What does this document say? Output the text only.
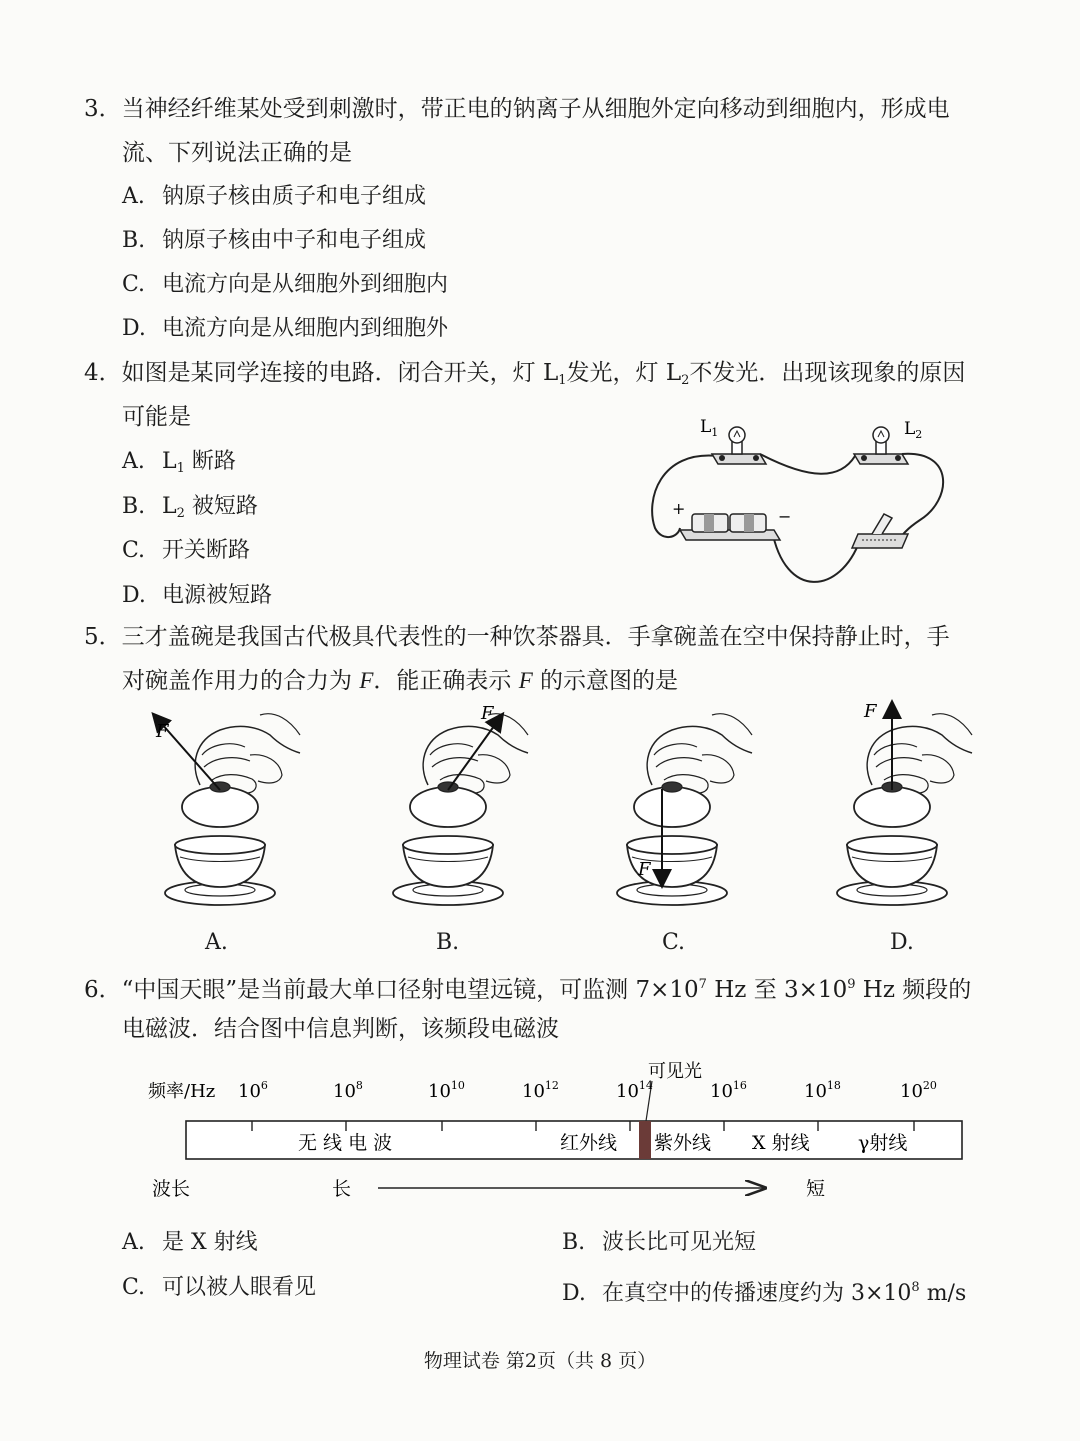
3．当神经纤维某处受到刺激时，带正电的钠离子从细胞外定向移动到细胞内，形成电
流、下列说法正确的是
A. 钠原子核由质子和电子组成
B. 钠原子核由中子和电子组成
C. 电流方向是从细胞外到细胞内
D. 电流方向是从细胞内到细胞外
4．如图是某同学连接的电路．闭合开关，灯 L1发光，灯 L2不发光．出现该现象的原因
可能是
A. L1 断路
B. L2 被短路
C. 开关断路
D. 电源被短路
$L_1$	$L_2$
+	−
5．三才盖碗是我国古代极具代表性的一种饮茶器具．手拿碗盖在空中保持静止时，手
对碗盖作用力的合力为 F．能正确表示 F 的示意图的是
F
F
F
F
A.	B.	C.	D.
6．“中国天眼”是当前最大单口径射电望远镜，可监测 $7\times 10^7$ Hz 至 $3\times 10^9$ Hz 频段的
电磁波．结合图中信息判断，该频段电磁波
频率/Hz
可见光
$10^6$	$10^8$	$10^{10}$	$10^{12}$	$10^{14}$	$10^{16}$	$10^{18}$	$10^{20}$
无 线 电 波	红外线 紫外线 X 射线	γ射线
波长	长	短
A. 是 X 射线	B. 波长比可见光短
C. 可以被人眼看见	D. 在真空中的传播速度约为 $3\times 10^8$ m/s
物理试卷 第2页（共 8 页）
